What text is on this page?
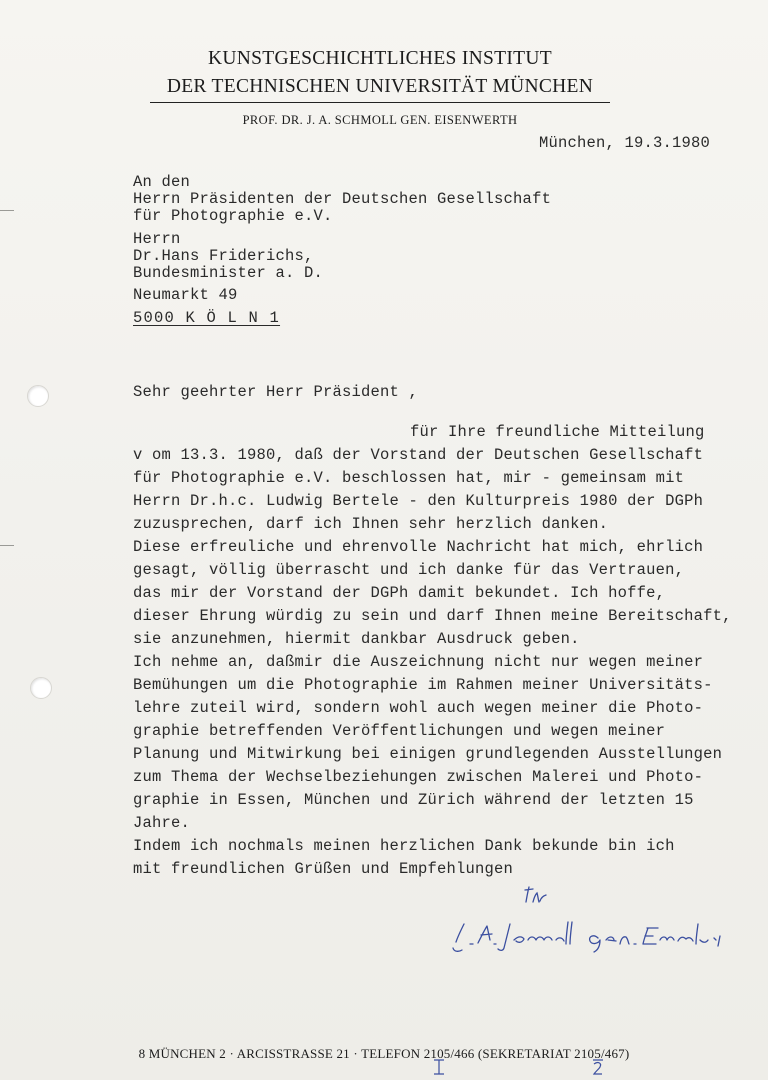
KUNSTGESCHICHTLICHES INSTITUT
DER TECHNISCHEN UNIVERSITÄT MÜNCHEN
PROF. DR. J. A. SCHMOLL GEN. EISENWERTH
München, 19.3.1980
An den
Herrn Präsidenten der Deutschen Gesellschaft
für Photographie e.V.
Herrn
Dr.Hans Friderichs,
Bundesminister a. D.
Neumarkt 49
5000 K Ö L N 1
Sehr geehrter Herr Präsident ,
für Ihre freundliche Mitteilung
v om 13.3. 1980, daß der Vorstand der Deutschen Gesellschaft
für Photographie e.V. beschlossen hat, mir - gemeinsam mit
Herrn Dr.h.c. Ludwig Bertele - den Kulturpreis 1980 der DGPh
zuzusprechen, darf ich Ihnen sehr herzlich danken.
Diese erfreuliche und ehrenvolle Nachricht hat mich, ehrlich
gesagt, völlig überrascht und ich danke für das Vertrauen,
das mir der Vorstand der DGPh damit bekundet. Ich hoffe,
dieser Ehrung würdig zu sein und darf Ihnen meine Bereitschaft,
sie anzunehmen, hiermit dankbar Ausdruck geben.
Ich nehme an, daßmir die Auszeichnung nicht nur wegen meiner
Bemühungen um die Photographie im Rahmen meiner Universitäts-
lehre zuteil wird, sondern wohl auch wegen meiner die Photo-
graphie betreffenden Veröffentlichungen und wegen meiner
Planung und Mitwirkung bei einigen grundlegenden Ausstellungen
zum Thema der Wechselbeziehungen zwischen Malerei und Photo-
graphie in Essen, München und Zürich während der letzten 15
Jahre.
Indem ich nochmals meinen herzlichen Dank bekunde bin ich
mit freundlichen Grüßen und Empfehlungen
8 MÜNCHEN 2 · ARCISSTRASSE 21 · TELEFON 2105/466 (SEKRETARIAT 2105/467)
